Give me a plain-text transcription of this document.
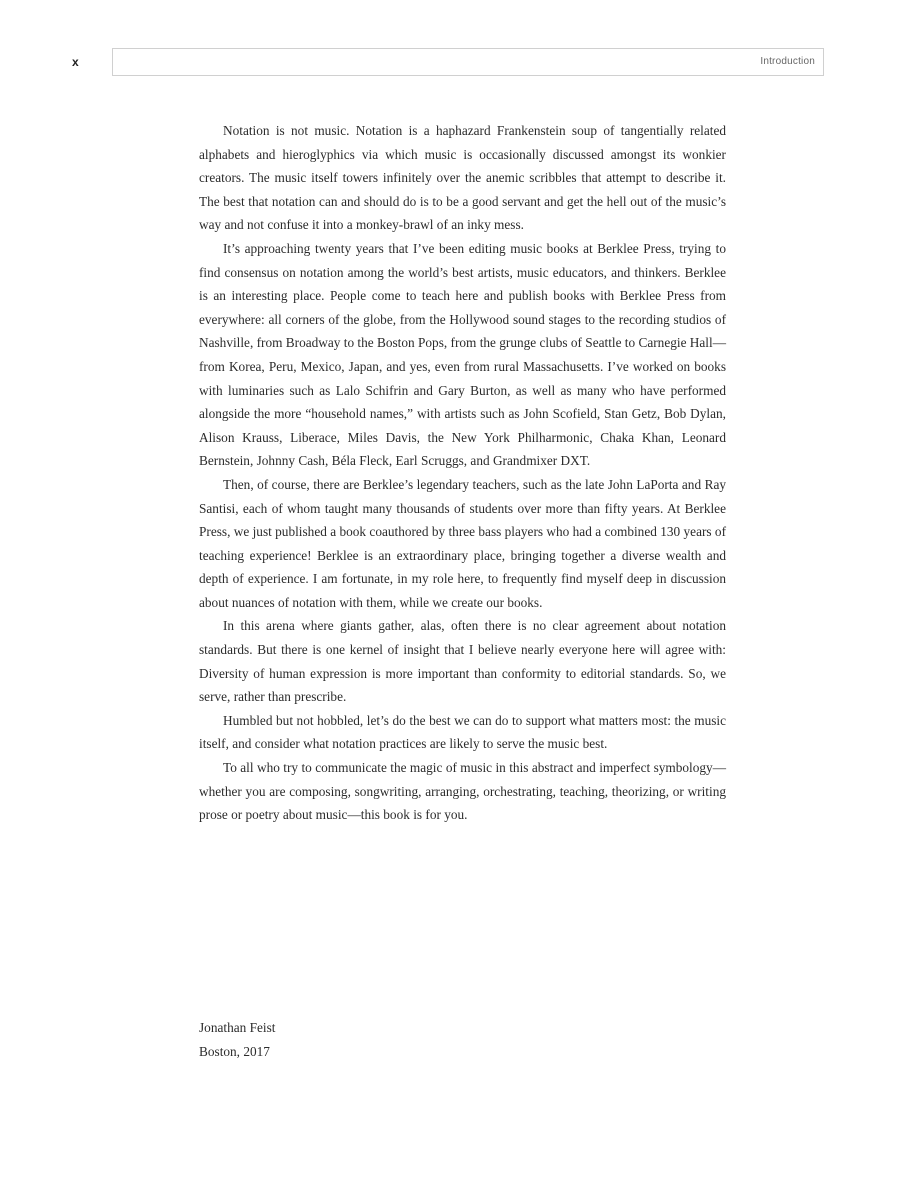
x	Introduction

Notation is not music. Notation is a haphazard Frankenstein soup of tangentially related alphabets and hieroglyphics via which music is occasionally discussed amongst its wonkier creators. The music itself towers infinitely over the anemic scribbles that attempt to describe it. The best that notation can and should do is to be a good servant and get the hell out of the music’s way and not confuse it into a monkey-brawl of an inky mess.

It’s approaching twenty years that I’ve been editing music books at Berklee Press, trying to find consensus on notation among the world’s best artists, music educators, and thinkers. Berklee is an interesting place. People come to teach here and publish books with Berklee Press from everywhere: all corners of the globe, from the Hollywood sound stages to the recording studios of Nashville, from Broadway to the Boston Pops, from the grunge clubs of Seattle to Carnegie Hall—from Korea, Peru, Mexico, Japan, and yes, even from rural Massachusetts. I’ve worked on books with luminaries such as Lalo Schifrin and Gary Burton, as well as many who have performed alongside the more “household names,” with artists such as John Scofield, Stan Getz, Bob Dylan, Alison Krauss, Liberace, Miles Davis, the New York Philharmonic, Chaka Khan, Leonard Bernstein, Johnny Cash, Béla Fleck, Earl Scruggs, and Grandmixer DXT.

Then, of course, there are Berklee’s legendary teachers, such as the late John LaPorta and Ray Santisi, each of whom taught many thousands of students over more than fifty years. At Berklee Press, we just published a book coauthored by three bass players who had a combined 130 years of teaching experience! Berklee is an extraordinary place, bringing together a diverse wealth and depth of experience. I am fortunate, in my role here, to frequently find myself deep in discussion about nuances of notation with them, while we create our books.

In this arena where giants gather, alas, often there is no clear agreement about notation standards. But there is one kernel of insight that I believe nearly everyone here will agree with: Diversity of human expression is more important than conformity to editorial standards. So, we serve, rather than prescribe.

Humbled but not hobbled, let’s do the best we can do to support what matters most: the music itself, and consider what notation practices are likely to serve the music best.

To all who try to communicate the magic of music in this abstract and imperfect symbology—whether you are composing, songwriting, arranging, orchestrating, teaching, theorizing, or writing prose or poetry about music—this book is for you.

Jonathan Feist
Boston, 2017
